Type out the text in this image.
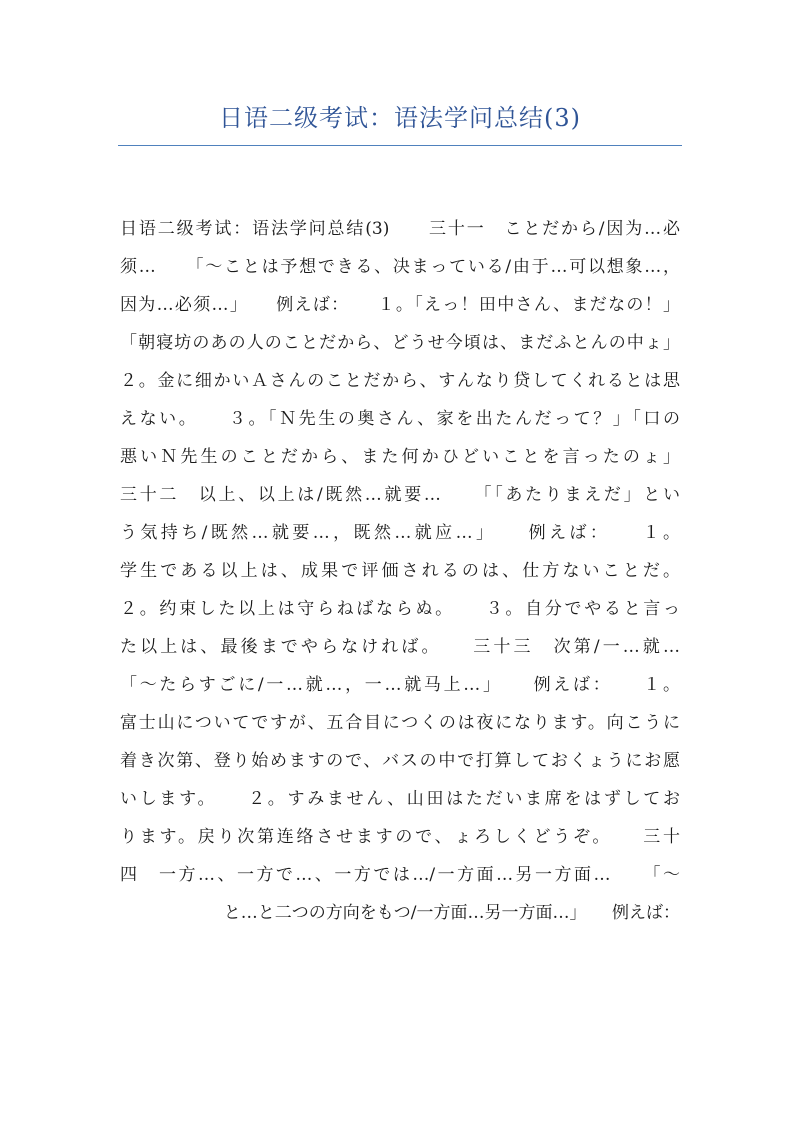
日语二级考试：语法学问总结(3)
日语二级考试：语法学问总结(3)　　三十一　ことだから/因为…必
须…　　「～ことは予想できる、决まっている/由于…可以想象…，
因为…必须…」　　例えば：　　１。「えっ！田中さん、まだなの！」
「朝寝坊のあの人のことだから、どうせ今頃は、まだふとんの中ょ」
２。金に细かいＡさんのことだから、すんなり贷してくれるとは思
えない。　　３。「Ｎ先生の奥さん、家を出たんだって？」「口の
悪いＮ先生のことだから、また何かひどいことを言ったのょ」
三十二　以上、以上は/既然…就要…　　「「あたりまえだ」とい
う気持ち/既然…就要…，既然…就应…」　　例えば：　　１。
学生である以上は、成果で评価されるのは、仕方ないことだ。
２。约束した以上は守らねばならぬ。　　３。自分でやると言っ
た以上は、最後までやらなければ。　　三十三　次第/一…就…
「～たらすごに/一…就…，一…就马上…」　　例えば：　　１。
富士山についてですが、五合目につくのは夜になります。向こうに
着き次第、登り始めますので、バスの中で打算しておくょうにお愿
いします。　　２。すみません、山田はただいま席をはずしてお
ります。戻り次第连络させますので、ょろしくどうぞ。　　三十
四　一方…、一方で…、一方では…/一方面…另一方面…　　「～
と…と二つの方向をもつ/一方面…另一方面…」　　例えば：
